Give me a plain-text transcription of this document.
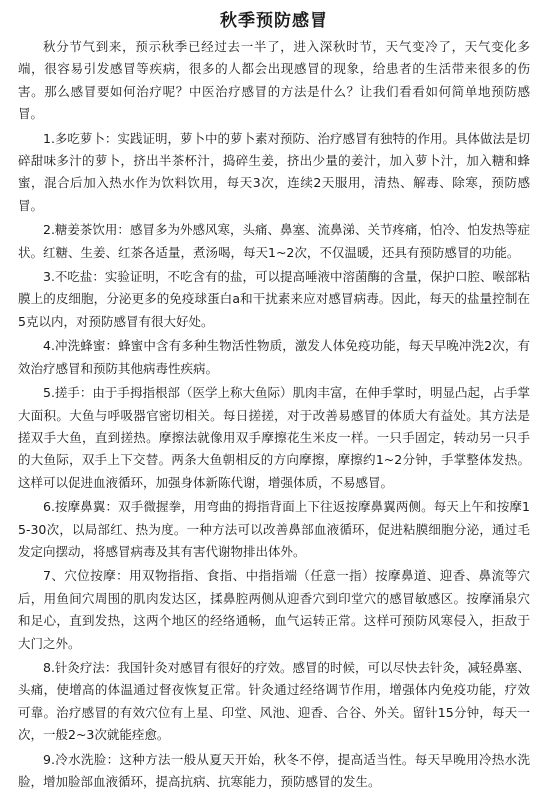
秋季预防感冒

秋分节气到来，预示秋季已经过去一半了，进入深秋时节，天气变冷了，天气变化多端，很容易引发感冒等疾病，很多的人都会出现感冒的现象，给患者的生活带来很多的伤害。那么感冒要如何治疗呢？中医治疗感冒的方法是什么？让我们看看如何简单地预防感冒。

1.多吃萝卜：实践证明，萝卜中的萝卜素对预防、治疗感冒有独特的作用。具体做法是切碎甜味多汁的萝卜，挤出半茶杯汁，捣碎生姜，挤出少量的姜汁，加入萝卜汁，加入糖和蜂蜜，混合后加入热水作为饮料饮用，每天3次，连续2天服用，清热、解毒、除寒，预防感冒。

2.糖姜茶饮用：感冒多为外感风寒，头痛、鼻塞、流鼻涕、关节疼痛，怕冷、怕发热等症状。红糖、生姜、红茶各适量，煮汤喝，每天1~2次，不仅温暖，还具有预防感冒的功能。

3.不吃盐：实验证明，不吃含有的盐，可以提高唾液中溶菌酶的含量，保护口腔、喉部粘膜上的皮细胞，分泌更多的免疫球蛋白a和干扰素来应对感冒病毒。因此，每天的盐量控制在5克以内，对预防感冒有很大好处。

4.冲洗蜂蜜：蜂蜜中含有多种生物活性物质，激发人体免疫功能，每天早晚冲洗2次，有效治疗感冒和预防其他病毒性疾病。

5.搓手：由于手拇指根部（医学上称大鱼际）肌肉丰富，在伸手掌时，明显凸起，占手掌大面积。大鱼与呼吸器官密切相关。每日搓搓，对于改善易感冒的体质大有益处。其方法是搓双手大鱼，直到搓热。摩擦法就像用双手摩擦花生米皮一样。一只手固定，转动另一只手的大鱼际，双手上下交替。两条大鱼朝相反的方向摩擦，摩擦约1~2分钟，手掌整体发热。这样可以促进血液循环，加强身体新陈代谢，增强体质，不易感冒。

6.按摩鼻翼：双手微握拳，用弯曲的拇指背面上下往返按摩鼻翼两侧。每天上午和按摩15-30次，以局部红、热为度。一种方法可以改善鼻部血液循环，促进粘膜细胞分泌，通过毛发定向摆动，将感冒病毒及其有害代谢物排出体外。

7、穴位按摩：用双物指指、食指、中指指端（任意一指）按摩鼻道、迎香、鼻流等穴后，用鱼间穴周围的肌肉发达区，揉鼻腔两侧从迎香穴到印堂穴的感冒敏感区。按摩涌泉穴和足心，直到发热，这两个地区的经络通畅，血气运转正常。这样可预防风寒侵入，拒敌于大门之外。

8.针灸疗法：我国针灸对感冒有很好的疗效。感冒的时候，可以尽快去针灸，减轻鼻塞、头痛，使增高的体温通过督夜恢复正常。针灸通过经络调节作用，增强体内免疫功能，疗效可靠。治疗感冒的有效穴位有上星、印堂、风池、迎香、合谷、外关。留针15分钟，每天一次，一般2~3次就能痊愈。

9.冷水洗脸：这种方法一般从夏天开始，秋冬不停，提高适当性。每天早晚用冷热水洗脸，增加脸部血液循环，提高抗病、抗寒能力，预防感冒的发生。
